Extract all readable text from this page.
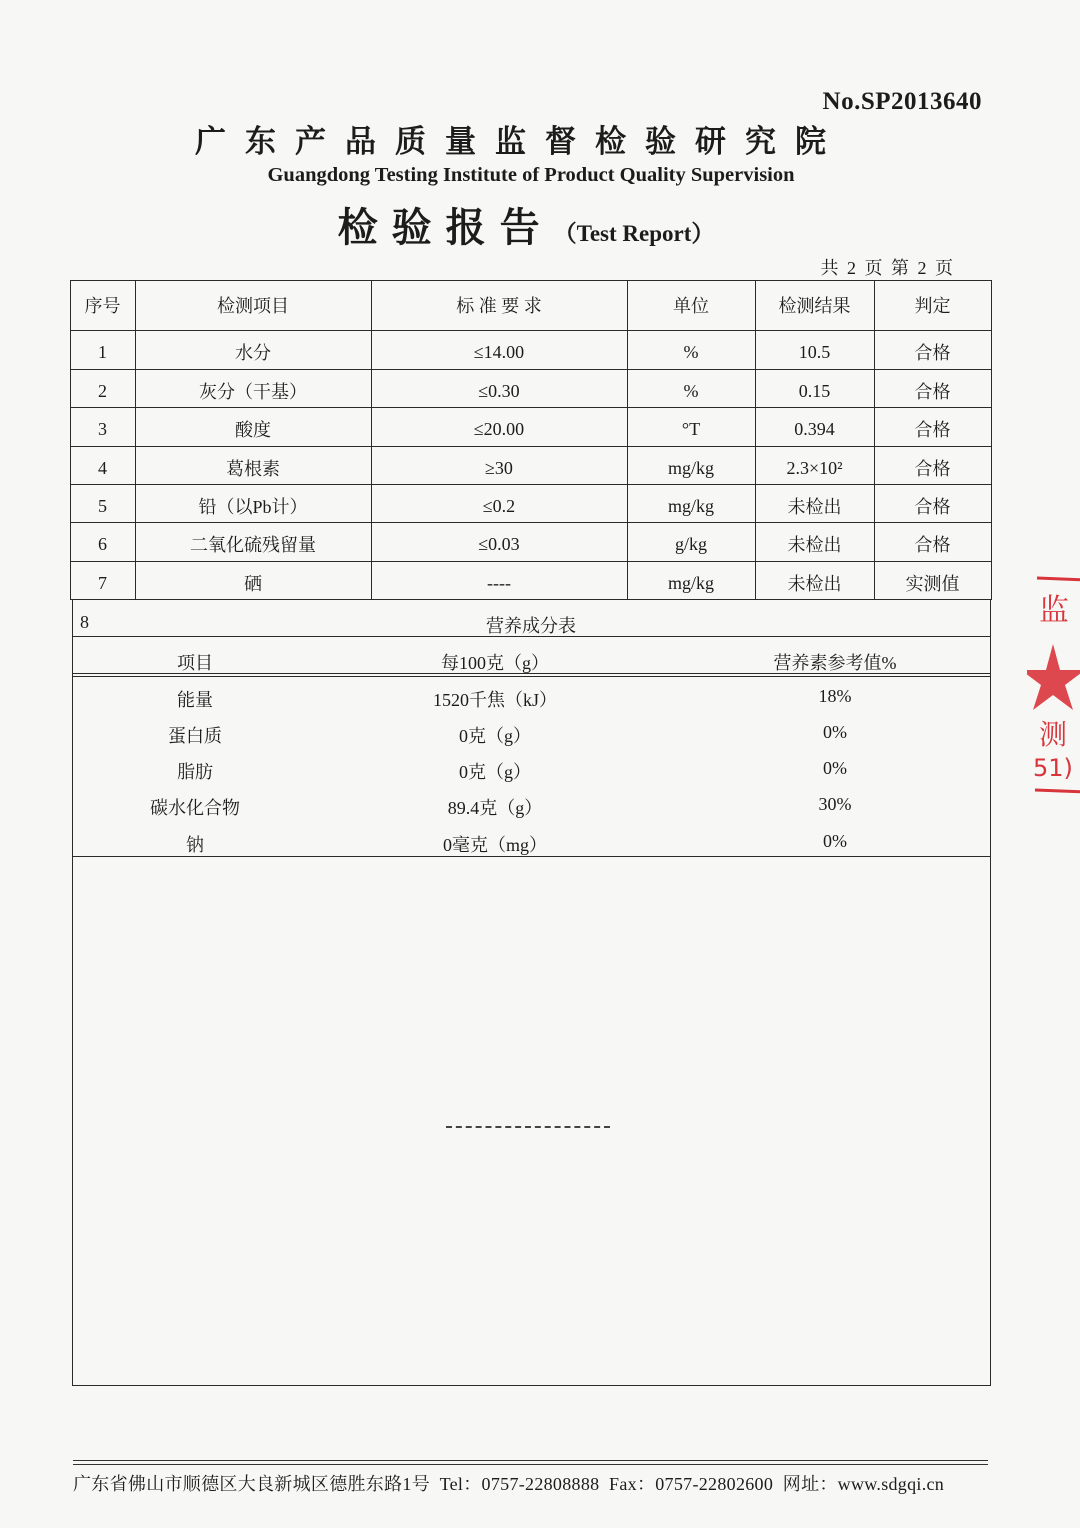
No.SP2013640
广东产品质量监督检验研究院
Guangdong Testing Institute of Product Quality Supervision
检验报告（Test Report）
共 2 页 第 2 页
序号	检测项目	标 准 要 求	单位	检测结果	判定
1	水分	≤14.00	%	10.5	合格
2	灰分（干基）	≤0.30	%	0.15	合格
3	酸度	≤20.00	°T	0.394	合格
4	葛根素	≥30	mg/kg	2.3×10²	合格
5	铅（以Pb计）	≤0.2	mg/kg	未检出	合格
6	二氧化硫残留量	≤0.03	g/kg	未检出	合格
7	硒	----	mg/kg	未检出	实测值
8	营养成分表
项目	每100克（g）	营养素参考值%
能量	1520千焦（kJ）	18%
蛋白质	0克（g）	0%
脂肪	0克（g）	0%
碳水化合物	89.4克（g）	30%
钠	0毫克（mg）	0%
监
测
51)
广东省佛山市顺德区大良新城区德胜东路1号 Tel：0757-22808888 Fax：0757-22802600 网址：www.sdgqi.cn
